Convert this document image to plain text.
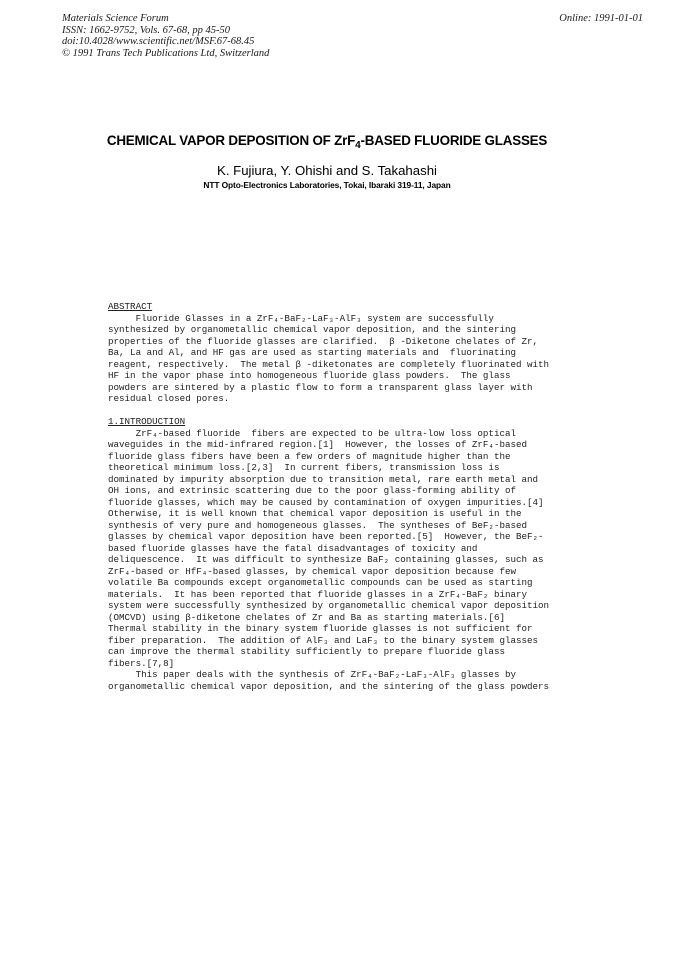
Materials Science Forum
ISSN: 1662-9752, Vols. 67-68, pp 45-50
doi:10.4028/www.scientific.net/MSF.67-68.45
© 1991 Trans Tech Publications Ltd, Switzerland
Online: 1991-01-01
CHEMICAL VAPOR DEPOSITION OF ZrF$_4$-BASED FLUORIDE GLASSES
K. Fujiura, Y. Ohishi and S. Takahashi
NTT Opto-Electronics Laboratories, Tokai, Ibaraki 319-11, Japan
ABSTRACT
Fluoride Glasses in a ZrF₄-BaF₂-LaF₃-AlF₃ system are successfully
synthesized by organometallic chemical vapor deposition, and the sintering
properties of the fluoride glasses are clarified.  β -Diketone chelates of Zr,
Ba, La and Al, and HF gas are used as starting materials and  fluorinating
reagent, respectively.  The metal β -diketonates are completely fluorinated with
HF in the vapor phase into homogeneous fluoride glass powders.  The glass
powders are sintered by a plastic flow to form a transparent glass layer with
residual closed pores.
1.INTRODUCTION
ZrF₄-based fluoride  fibers are expected to be ultra-low loss optical
waveguides in the mid-infrared region.[1]  However, the losses of ZrF₄-based
fluoride glass fibers have been a few orders of magnitude higher than the
theoretical minimum loss.[2,3]  In current fibers, transmission loss is
dominated by impurity absorption due to transition metal, rare earth metal and
OH ions, and extrinsic scattering due to the poor glass-forming ability of
fluoride glasses, which may be caused by contamination of oxygen impurities.[4]
Otherwise, it is well known that chemical vapor deposition is useful in the
synthesis of very pure and homogeneous glasses.  The syntheses of BeF₂-based
glasses by chemical vapor deposition have been reported.[5]  However, the BeF₂-
based fluoride glasses have the fatal disadvantages of toxicity and
deliquescence.  It was difficult to synthesize BaF₂ containing glasses, such as
ZrF₄-based or HfF₄-based glasses, by chemical vapor deposition because few
volatile Ba compounds except organometallic compounds can be used as starting
materials.  It has been reported that fluoride glasses in a ZrF₄-BaF₂ binary
system were successfully synthesized by organometallic chemical vapor deposition
(OMCVD) using β-diketone chelates of Zr and Ba as starting materials.[6]
Thermal stability in the binary system fluoride glasses is not sufficient for
fiber preparation.  The addition of AlF₃ and LaF₃ to the binary system glasses
can improve the thermal stability sufficiently to prepare fluoride glass
fibers.[7,8]
This paper deals with the synthesis of ZrF₄-BaF₂-LaF₃-AlF₃ glasses by
organometallic chemical vapor deposition, and the sintering of the glass powders
